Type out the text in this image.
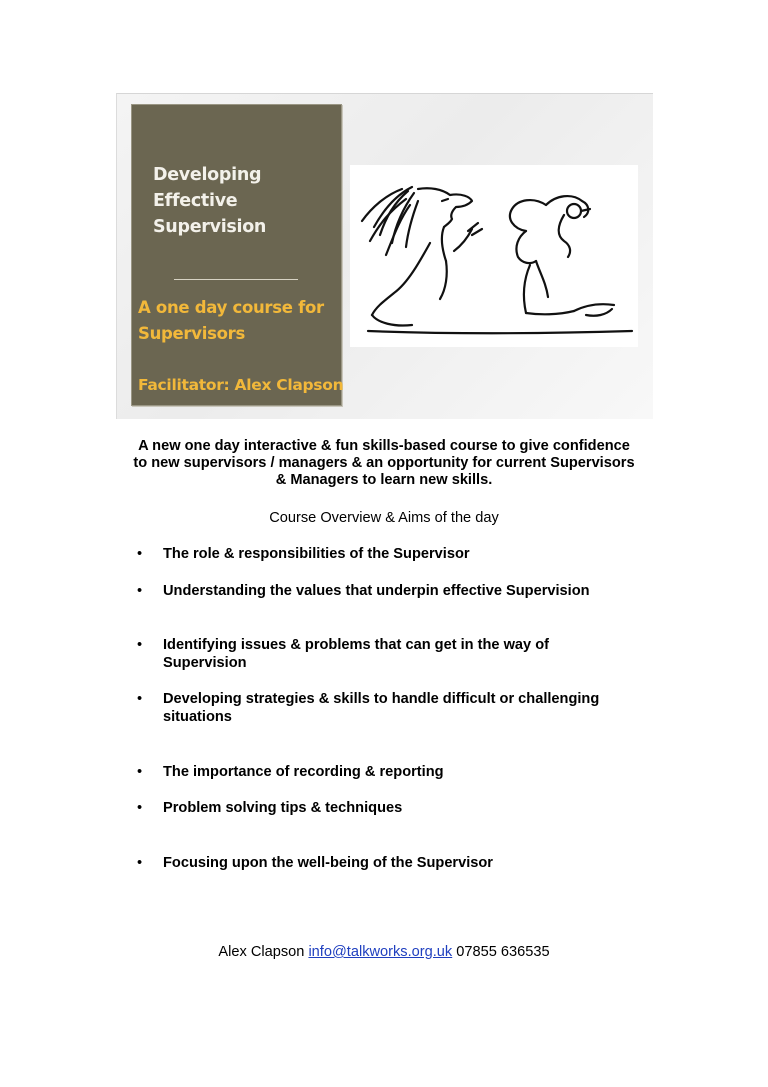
Developing
Effective
Supervision
A one day course for
Supervisors
Facilitator: Alex Clapson
A new one day interactive & fun skills-based course to give confidence
to new supervisors / managers & an opportunity for current Supervisors
& Managers to learn new skills.
Course Overview & Aims of the day
• The role & responsibilities of the Supervisor
• Understanding the values that underpin effective Supervision
• Identifying issues & problems that can get in the way of
Supervision
• Developing strategies & skills to handle difficult or challenging
situations
• The importance of recording & reporting
• Problem solving tips & techniques
• Focusing upon the well-being of the Supervisor
Alex Clapson info@talkworks.org.uk 07855 636535
